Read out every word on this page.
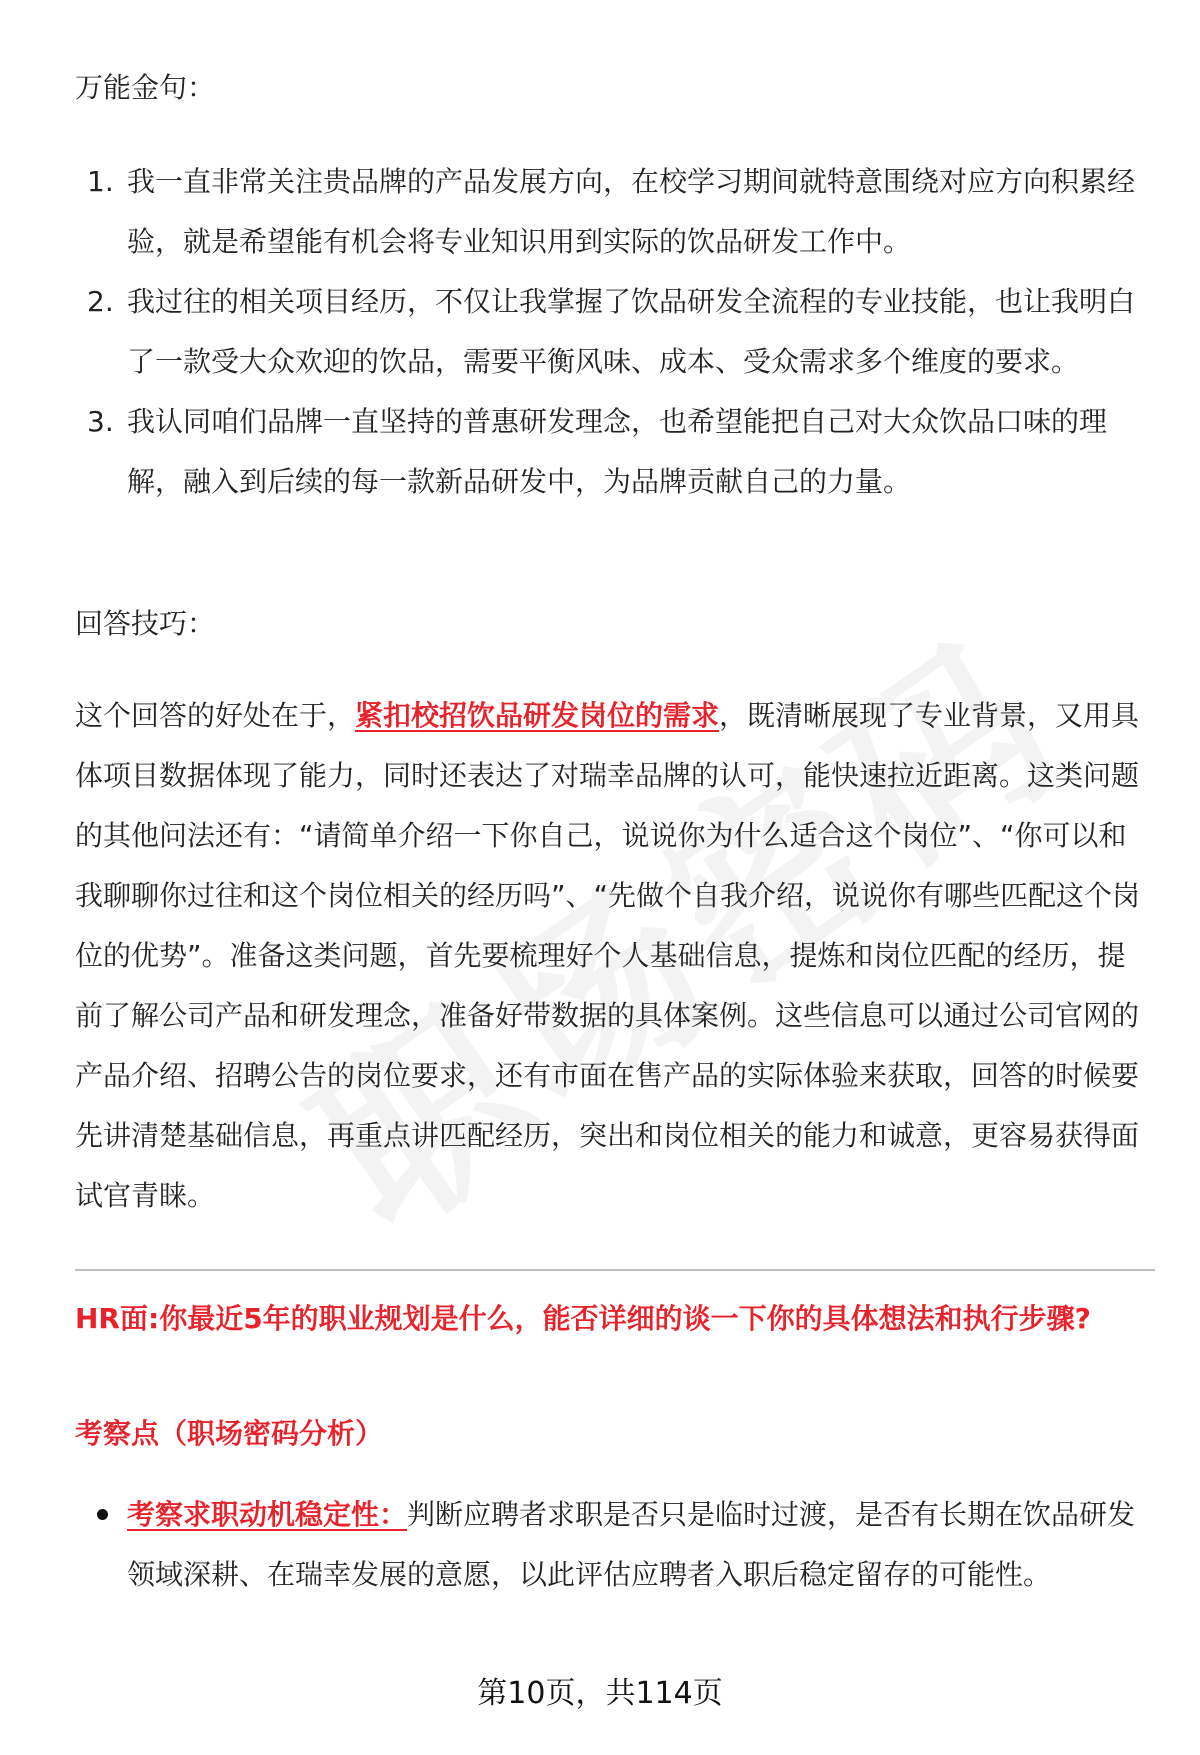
万能金句：
1. 我一直非常关注贵品牌的产品发展方向，在校学习期间就特意围绕对应方向积累经验，就是希望能有机会将专业知识用到实际的饮品研发工作中。
2. 我过往的相关项目经历，不仅让我掌握了饮品研发全流程的专业技能，也让我明白了一款受大众欢迎的饮品，需要平衡风味、成本、受众需求多个维度的要求。
3. 我认同咱们品牌一直坚持的普惠研发理念，也希望能把自己对大众饮品口味的理解，融入到后续的每一款新品研发中，为品牌贡献自己的力量。
回答技巧：
这个回答的好处在于，紧扣校招饮品研发岗位的需求，既清晰展现了专业背景，又用具体项目数据体现了能力，同时还表达了对瑞幸品牌的认可，能快速拉近距离。这类问题的其他问法还有：“请简单介绍一下你自己，说说你为什么适合这个岗位”、“你可以和我聊聊你过往和这个岗位相关的经历吗”、“先做个自我介绍，说说你有哪些匹配这个岗位的优势”。准备这类问题，首先要梳理好个人基础信息，提炼和岗位匹配的经历，提前了解公司产品和研发理念，准备好带数据的具体案例。这些信息可以通过公司官网的产品介绍、招聘公告的岗位要求，还有市面在售产品的实际体验来获取，回答的时候要先讲清楚基础信息，再重点讲匹配经历，突出和岗位相关的能力和诚意，更容易获得面试官青睐。
HR面:你最近5年的职业规划是什么，能否详细的谈一下你的具体想法和执行步骤?
考察点（职场密码分析）
考察求职动机稳定性：判断应聘者求职是否只是临时过渡，是否有长期在饮品研发领域深耕、在瑞幸发展的意愿，以此评估应聘者入职后稳定留存的可能性。
第10页，共114页
